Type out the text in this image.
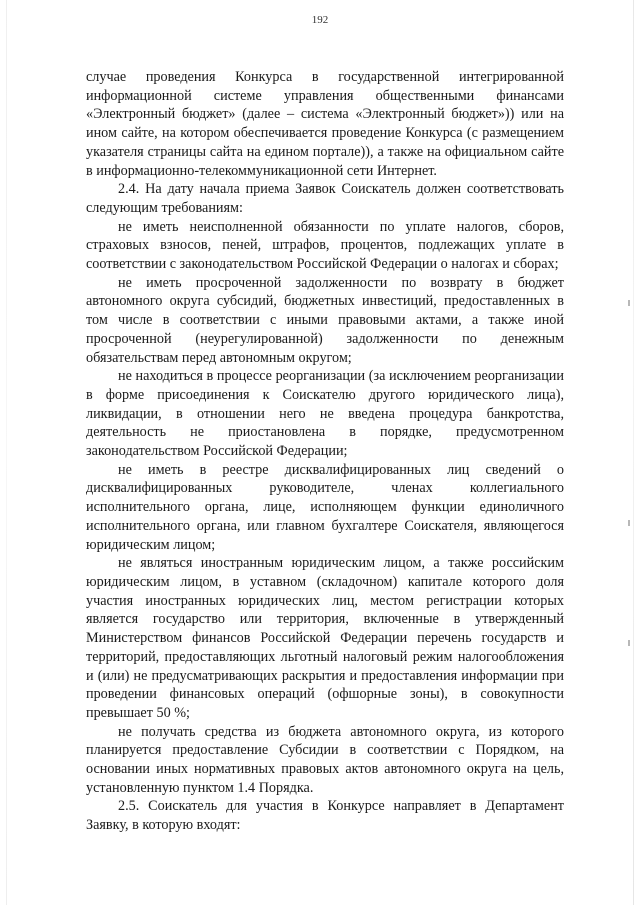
192

случае проведения Конкурса в государственной интегрированной информационной системе управления общественными финансами «Электронный бюджет» (далее – система «Электронный бюджет»)) или на ином сайте, на котором обеспечивается проведение Конкурса (с размещением указателя страницы сайта на едином портале)), а также на официальном сайте в информационно-телекоммуникационной сети Интернет.

2.4. На дату начала приема Заявок Соискатель должен соответствовать следующим требованиям:

не иметь неисполненной обязанности по уплате налогов, сборов, страховых взносов, пеней, штрафов, процентов, подлежащих уплате в соответствии с законодательством Российской Федерации о налогах и сборах;

не иметь просроченной задолженности по возврату в бюджет автономного округа субсидий, бюджетных инвестиций, предоставленных в том числе в соответствии с иными правовыми актами, а также иной просроченной (неурегулированной) задолженности по денежным обязательствам перед автономным округом;

не находиться в процессе реорганизации (за исключением реорганизации в форме присоединения к Соискателю другого юридического лица), ликвидации, в отношении него не введена процедура банкротства, деятельность не приостановлена в порядке, предусмотренном законодательством Российской Федерации;

не иметь в реестре дисквалифицированных лиц сведений о дисквалифицированных руководителе, членах коллегиального исполнительного органа, лице, исполняющем функции единоличного исполнительного органа, или главном бухгалтере Соискателя, являющегося юридическим лицом;

не являться иностранным юридическим лицом, а также российским юридическим лицом, в уставном (складочном) капитале которого доля участия иностранных юридических лиц, местом регистрации которых является государство или территория, включенные в утвержденный Министерством финансов Российской Федерации перечень государств и территорий, предоставляющих льготный налоговый режим налогообложения и (или) не предусматривающих раскрытия и предоставления информации при проведении финансовых операций (офшорные зоны), в совокупности превышает 50 %;

не получать средства из бюджета автономного округа, из которого планируется предоставление Субсидии в соответствии с Порядком, на основании иных нормативных правовых актов автономного округа на цель, установленную пунктом 1.4 Порядка.

2.5. Соискатель для участия в Конкурсе направляет в Департамент Заявку, в которую входят:
